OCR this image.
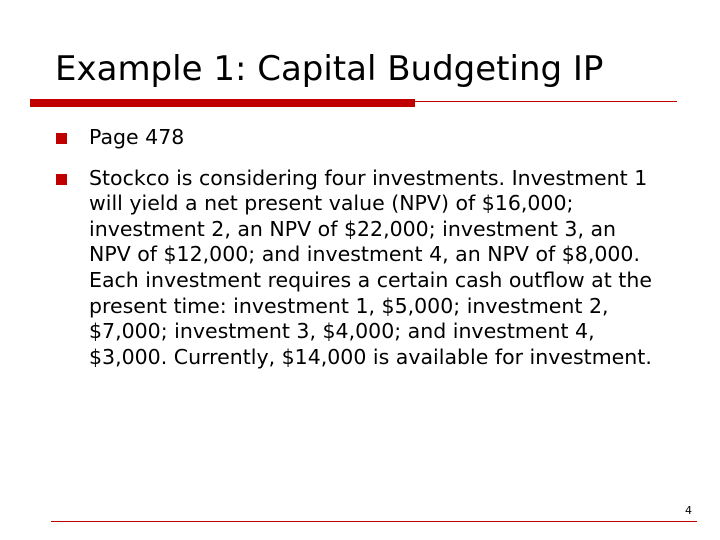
Example 1: Capital Budgeting IP
Page 478
Stockco is considering four investments. Investment 1 will yield a net present value (NPV) of $16,000; investment 2, an NPV of $22,000; investment 3, an NPV of $12,000; and investment 4, an NPV of $8,000. Each investment requires a certain cash outflow at the present time: investment 1, $5,000; investment 2, $7,000; investment 3, $4,000; and investment 4, $3,000. Currently, $14,000 is available for investment.
4
